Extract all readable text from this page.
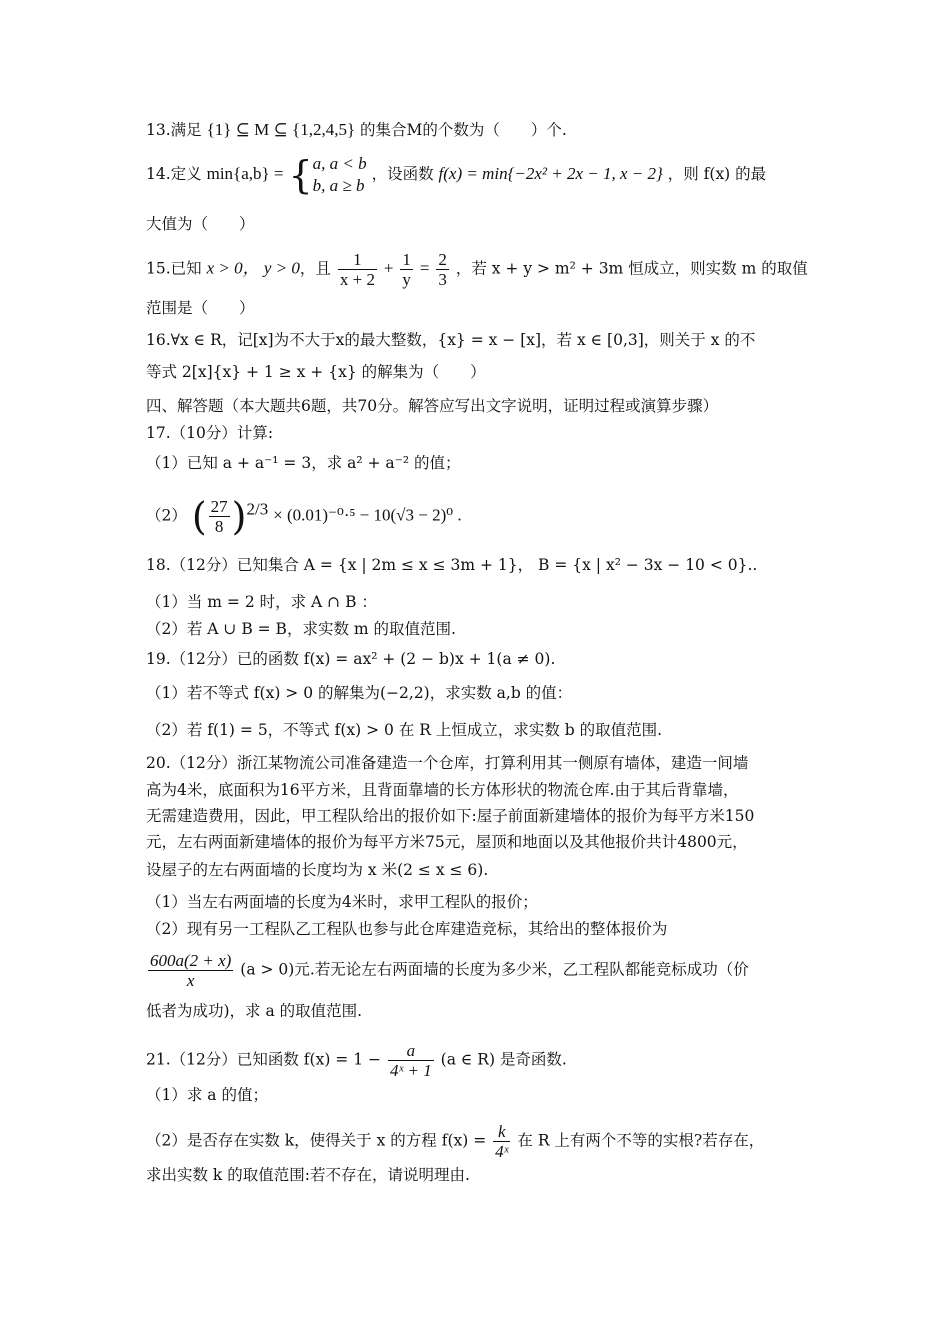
13.满足 {1} ⊆ M ⊆ {1,2,4,5} 的集合M的个数为（　　）个.
14.定义 min{a,b} = { a, a < b
b, a ≥ b
，设函数 f(x) = min{−2x² + 2x − 1, x − 2} ，则 f(x) 的最
大值为（　　）
15.已知 x > 0， y > 0，且 $\frac{1}{x + 2} + \frac{1}{y} = \frac{2}{3}$ ，若 x + y > m² + 3m 恒成立，则实数 m 的取值
范围是（　　）
16.∀x ∈ R，记[x]为不大于x的最大整数，{x} = x − [x]，若 x ∈ [0,3]，则关于 x 的不
等式 2[x]{x} + 1 ≥ x + {x} 的解集为（　　）
四、解答题（本大题共6题，共70分。解答应写出文字说明，证明过程或演算步骤）
17.（10分）计算:
（1）已知 a + a⁻¹ = 3，求 a² + a⁻² 的值；
（2） ( $\frac{27}{8} )^{2/3} \times (0.01)^{-0}\cdot^5 - 10(√3 - 2)^0$ .
18.（12分）已知集合 A = {x | 2m ≤ x ≤ 3m + 1}， B = {x | x² − 3x − 10 < 0}..
（1）当 m = 2 时，求 A ∩ B ：
（2）若 A ∪ B = B，求实数 m 的取值范围.
19.（12分）已的函数 f(x) = ax² + (2 − b)x + 1(a ≠ 0).
（1）若不等式 f(x) > 0 的解集为(−2,2)，求实数 a,b 的值：
（2）若 f(1) = 5，不等式 f(x) > 0 在 R 上恒成立，求实数 b 的取值范围.
20.（12分）浙江某物流公司准备建造一个仓库，打算利用其一侧原有墙体，建造一间墙
高为4米，底面积为16平方米，且背面靠墙的长方体形状的物流仓库.由于其后背靠墙，
无需建造费用，因此，甲工程队给出的报价如下:屋子前面新建墙体的报价为每平方米150
元，左右两面新建墙体的报价为每平方米75元，屋顶和地面以及其他报价共计4800元，
设屋子的左右两面墙的长度均为 x 米(2 ≤ x ≤ 6).
（1）当左右两面墙的长度为4米时，求甲工程队的报价；
（2）现有另一工程队乙工程队也参与此仓库建造竞标，其给出的整体报价为
$\frac{600a(2 + x)}{x} (a > 0)$元.若无论左右两面墙的长度为多少米，乙工程队都能竞标成功（价
低者为成功)，求 a 的取值范围.
21.（12分）已知函数 $f(x) = 1 - \frac{a}{\text{4ˣ + 1}} (a$ ∈ R) 是奇函数.
（1）求 a 的值；
（2）是否存在实数 k，使得关于 x 的方程 $f(x) = \frac{k}{\text{4ˣ}}$ 在 R 上有两个不等的实根?若存在，
求出实数 k 的取值范围:若不存在，请说明理由.
